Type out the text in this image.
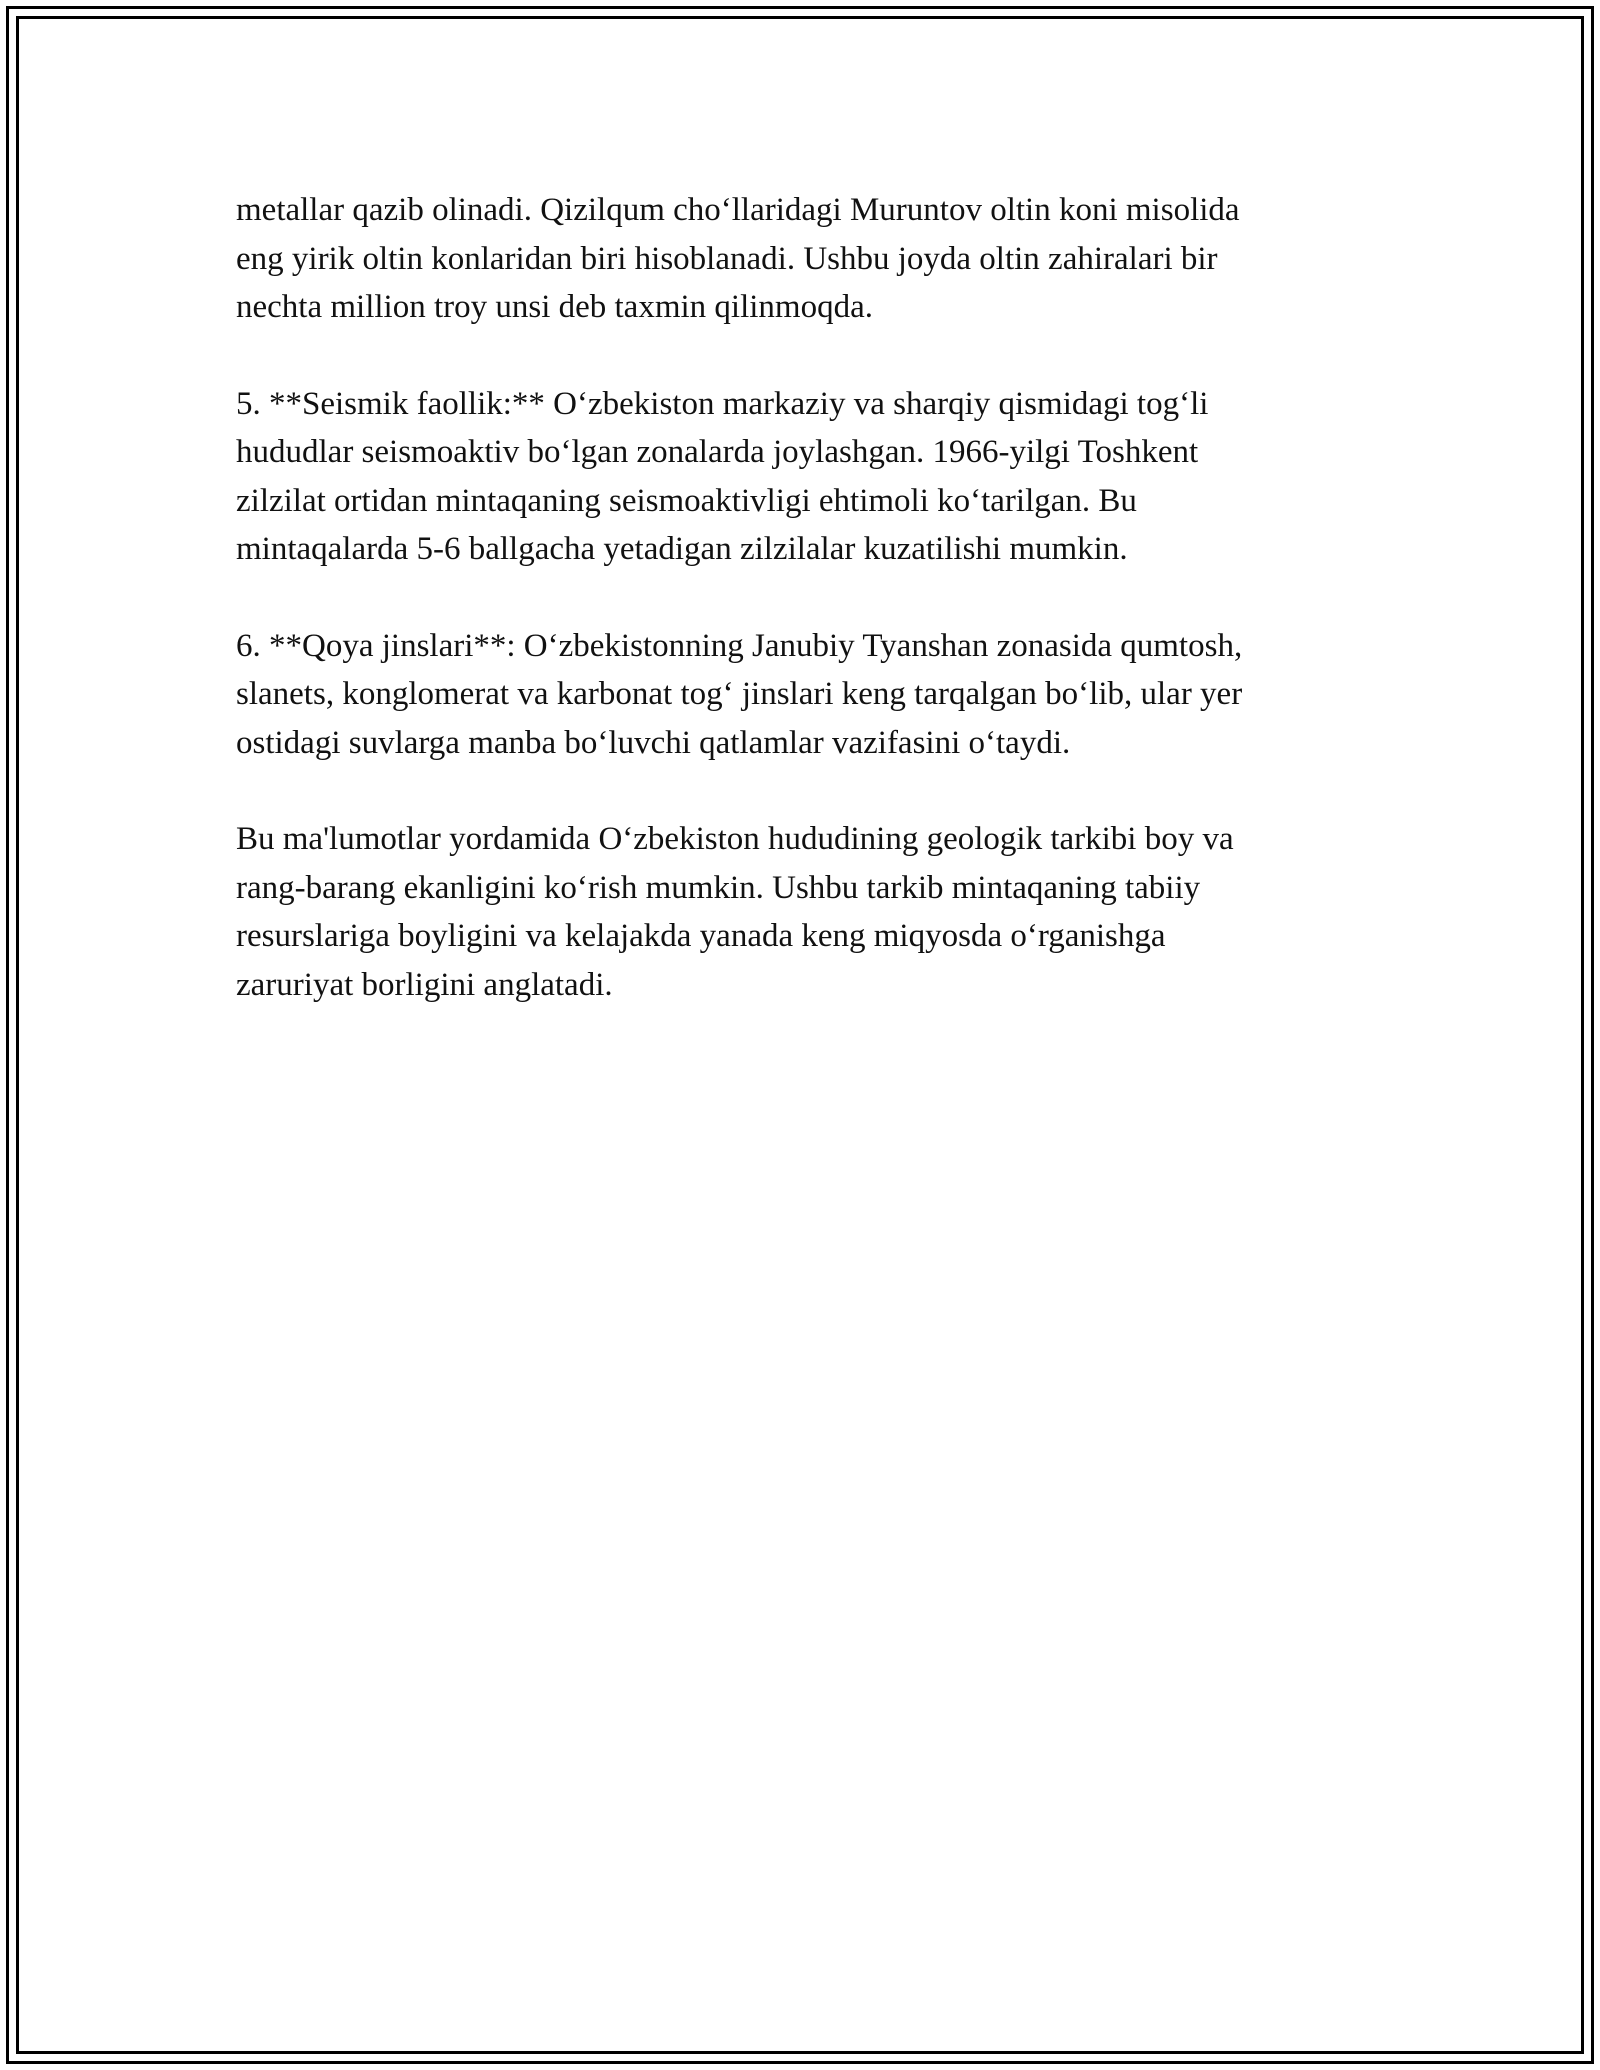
metallar qazib olinadi. Qizilqum cho‘llaridagi Muruntov oltin koni misolida
eng yirik oltin konlaridan biri hisoblanadi. Ushbu joyda oltin zahiralari bir
nechta million troy unsi deb taxmin qilinmoqda.

5. **Seismik faollik:** O‘zbekiston markaziy va sharqiy qismidagi tog‘li
hududlar seismoaktiv bo‘lgan zonalarda joylashgan. 1966-yilgi Toshkent
zilzilat ortidan mintaqaning seismoaktivligi ehtimoli ko‘tarilgan. Bu
mintaqalarda 5-6 ballgacha yetadigan zilzilalar kuzatilishi mumkin.

6. **Qoya jinslari**: O‘zbekistonning Janubiy Tyanshan zonasida qumtosh,
slanets, konglomerat va karbonat tog‘ jinslari keng tarqalgan bo‘lib, ular yer
ostidagi suvlarga manba bo‘luvchi qatlamlar vazifasini o‘taydi.

Bu ma'lumotlar yordamida O‘zbekiston hududining geologik tarkibi boy va
rang-barang ekanligini ko‘rish mumkin. Ushbu tarkib mintaqaning tabiiy
resurslariga boyligini va kelajakda yanada keng miqyosda o‘rganishga
zaruriyat borligini anglatadi.
